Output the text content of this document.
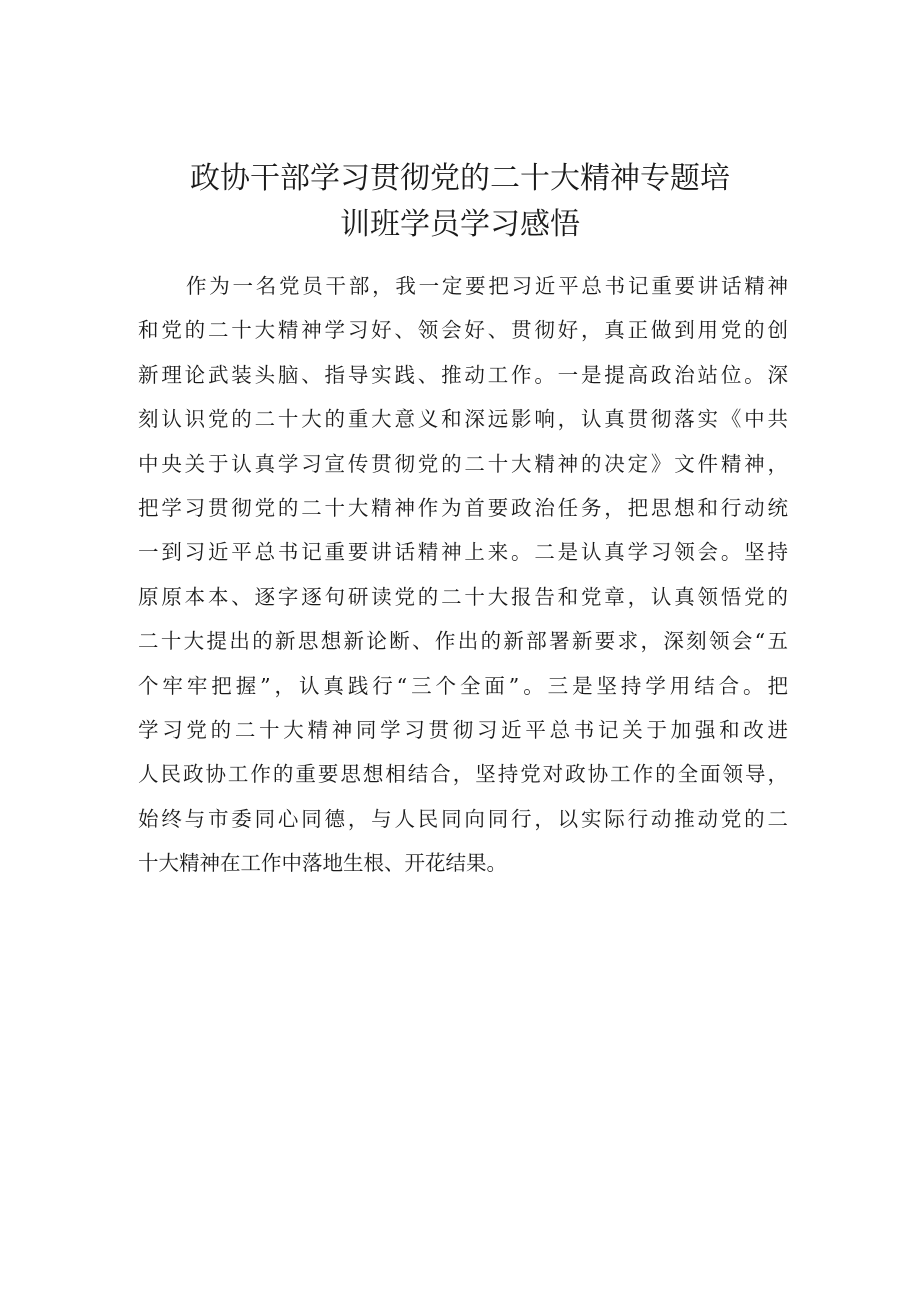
政协干部学习贯彻党的二十大精神专题培
训班学员学习感悟
作为一名党员干部，我一定要把习近平总书记重要讲话精神
和党的二十大精神学习好、领会好、贯彻好，真正做到用党的创
新理论武装头脑、指导实践、推动工作。一是提高政治站位。深
刻认识党的二十大的重大意义和深远影响，认真贯彻落实《中共
中央关于认真学习宣传贯彻党的二十大精神的决定》文件精神，
把学习贯彻党的二十大精神作为首要政治任务，把思想和行动统
一到习近平总书记重要讲话精神上来。二是认真学习领会。坚持
原原本本、逐字逐句研读党的二十大报告和党章，认真领悟党的
二十大提出的新思想新论断、作出的新部署新要求，深刻领会“五
个牢牢把握”，认真践行“三个全面”。三是坚持学用结合。把
学习党的二十大精神同学习贯彻习近平总书记关于加强和改进
人民政协工作的重要思想相结合，坚持党对政协工作的全面领导，
始终与市委同心同德，与人民同向同行，以实际行动推动党的二
十大精神在工作中落地生根、开花结果。
